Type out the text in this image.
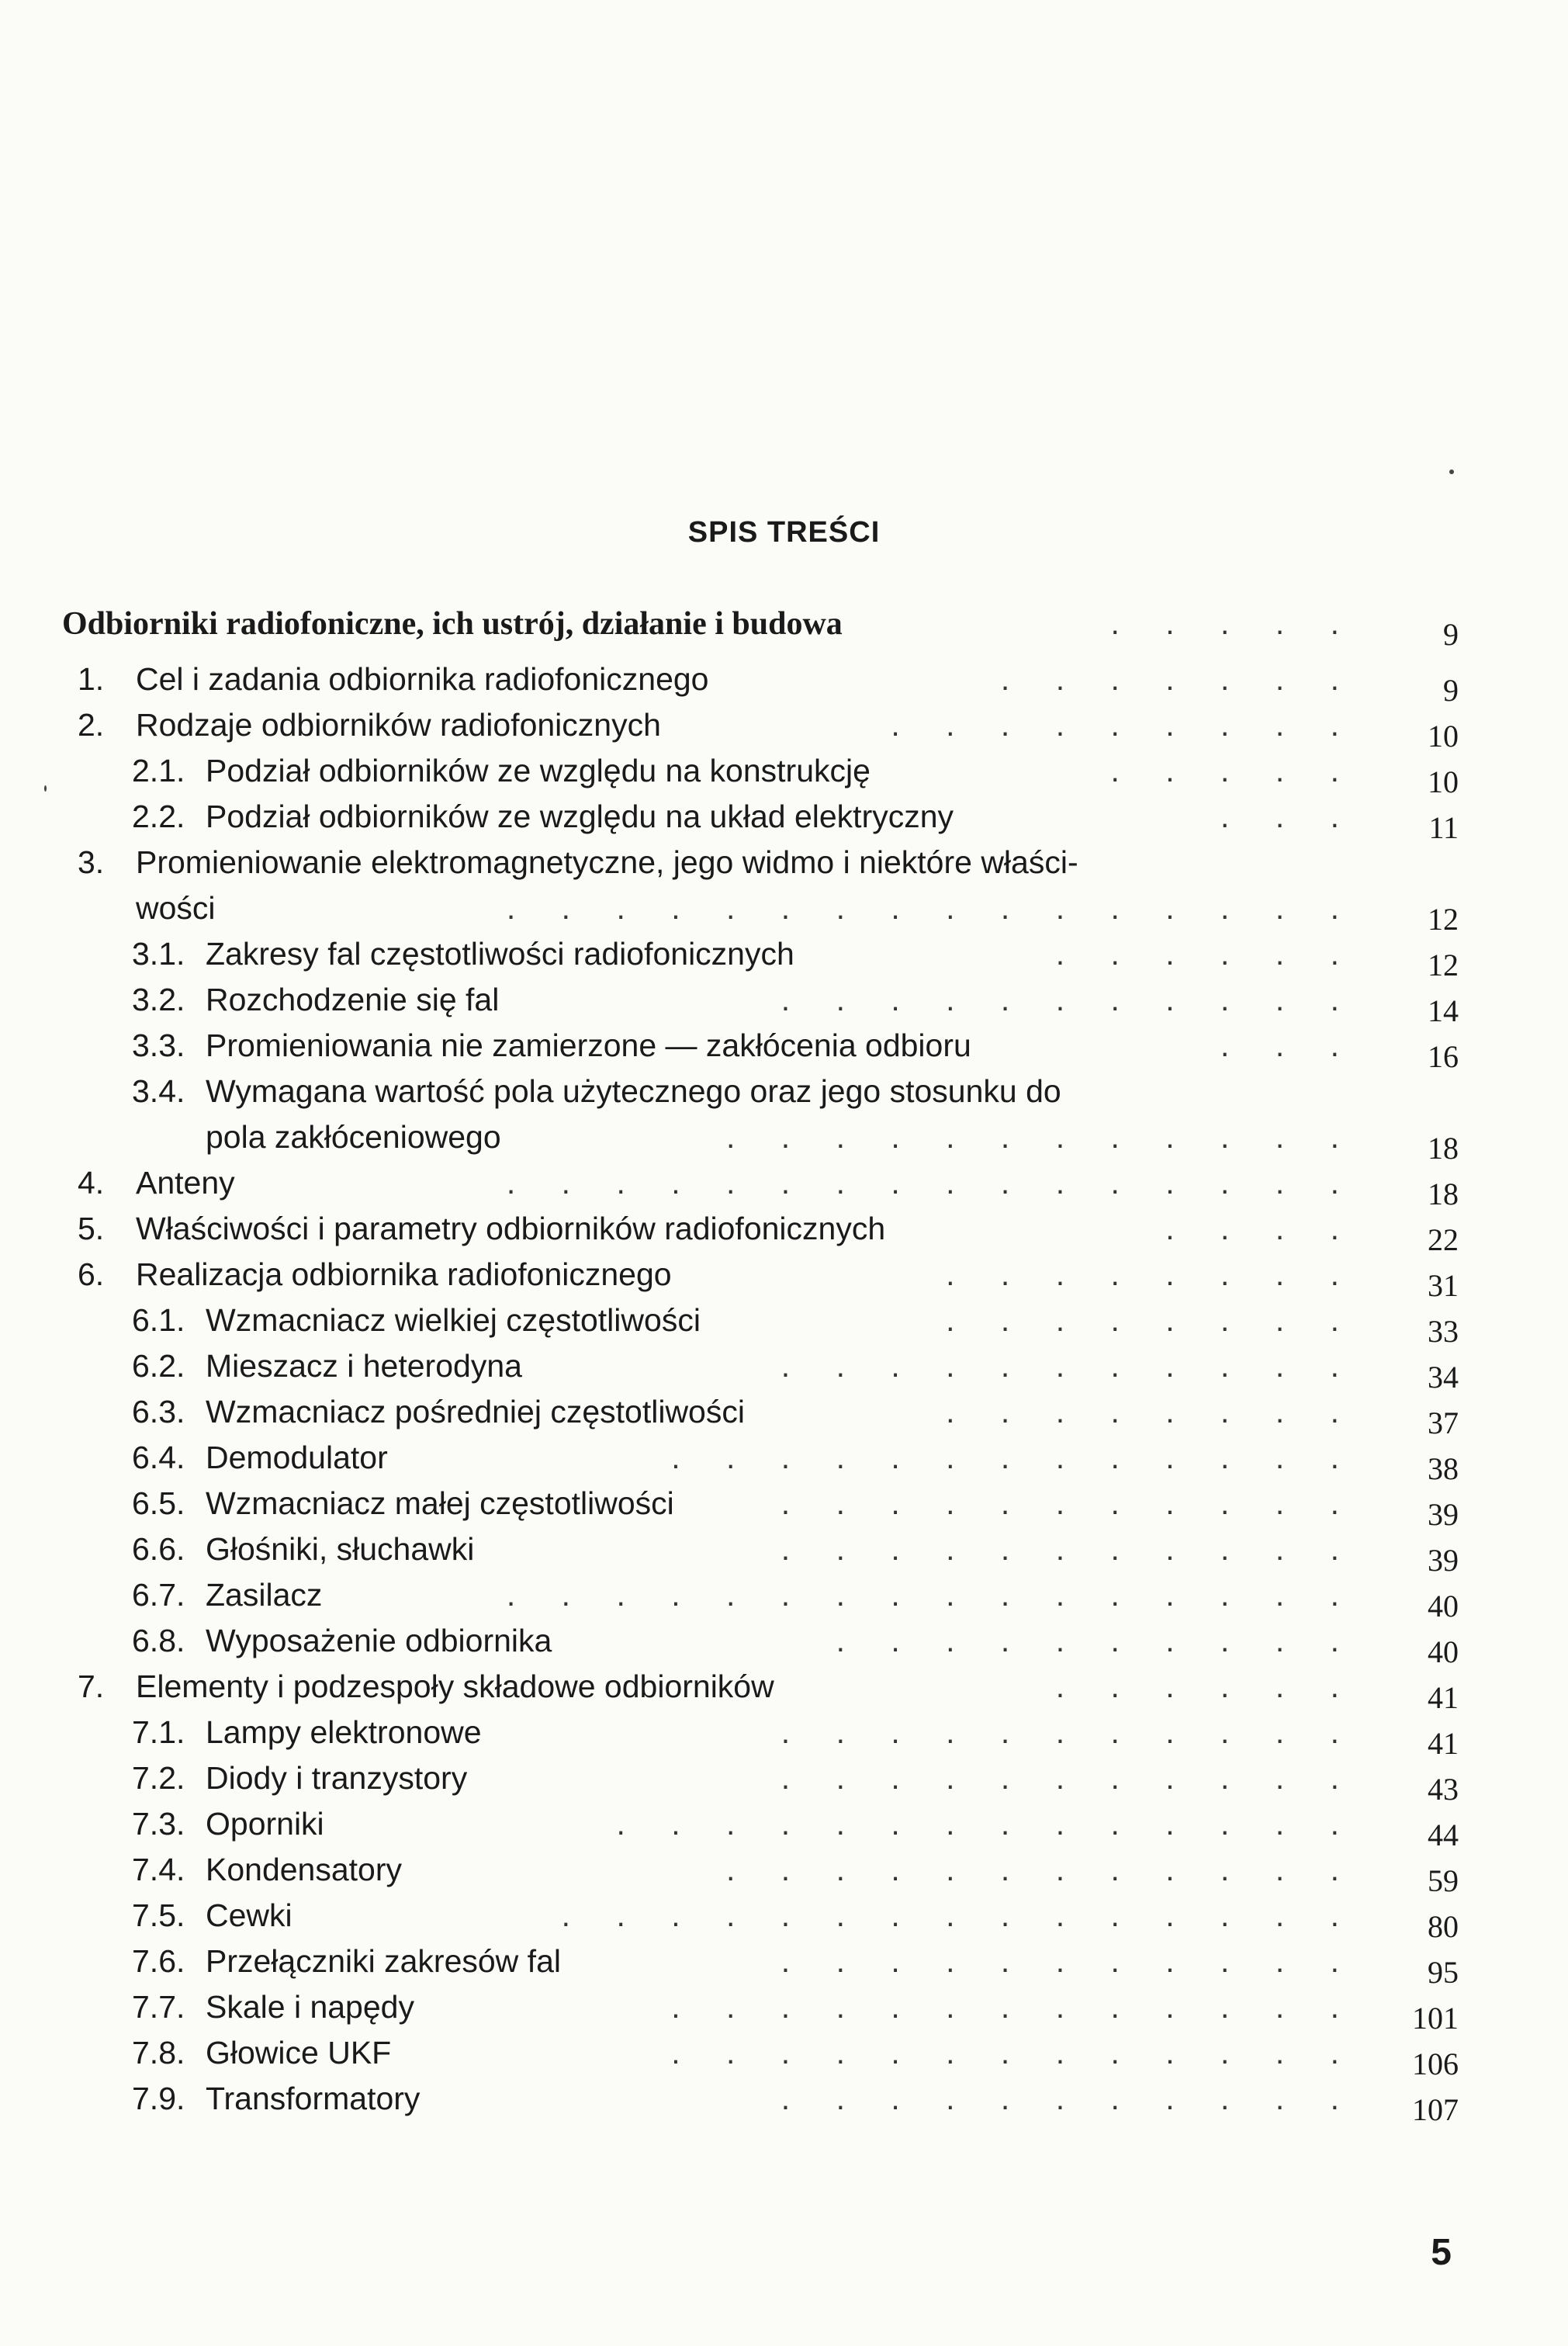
SPIS TREŚCI
Odbiorniki radiofoniczne, ich ustrój, działanie i budowa	. . . . .	9
1. Cel i zadania odbiornika radiofonicznego	. . . . . . .	9
2. Rodzaje odbiorników radiofonicznych	. . . . . . . . .	10
2.1. Podział odbiorników ze względu na konstrukcję	. . . . .	10
2.2. Podział odbiorników ze względu na układ elektryczny	. . .	11
3. Promieniowanie elektromagnetyczne, jego widmo i niektóre właści-
wości	. . . . . . . . . . . . . . . .	12
3.1. Zakresy fal częstotliwości radiofonicznych	. . . . . .	12
3.2. Rozchodzenie się fal	. . . . . . . . . . .	14
3.3. Promieniowania nie zamierzone — zakłócenia odbioru	. . .	16
3.4. Wymagana wartość pola użytecznego oraz jego stosunku do
pola zakłóceniowego	. . . . . . . . . . . .	18
4. Anteny	. . . . . . . . . . . . . . . .	18
5. Właściwości i parametry odbiorników radiofonicznych	. . . .	22
6. Realizacja odbiornika radiofonicznego	. . . . . . . .	31
6.1. Wzmacniacz wielkiej częstotliwości	. . . . . . . .	33
6.2. Mieszacz i heterodyna	. . . . . . . . . . .	34
6.3. Wzmacniacz pośredniej częstotliwości	. . . . . . . .	37
6.4. Demodulator	. . . . . . . . . . . . .	38
6.5. Wzmacniacz małej częstotliwości	. . . . . . . . . . .	39
6.6. Głośniki, słuchawki	. . . . . . . . . . .	39
6.7. Zasilacz	. . . . . . . . . . . . . . . .	40
6.8. Wyposażenie odbiornika	. . . . . . . . . .	40
7. Elementy i podzespoły składowe odbiorników	. . . . . .	41
7.1. Lampy elektronowe	. . . . . . . . . . .	41
7.2. Diody i tranzystory	. . . . . . . . . . .	43
7.3. Oporniki	. . . . . . . . . . . . . .	44
7.4. Kondensatory	. . . . . . . . . . . .	59
7.5. Cewki	. . . . . . . . . . . . . . .	80
7.6. Przełączniki zakresów fal	. . . . . . . . . . .	95
7.7. Skale i napędy	. . . . . . . . . . . . .	101
7.8. Głowice UKF	. . . . . . . . . . . . .	106
7.9. Transformatory	. . . . . . . . . . .	107
5
